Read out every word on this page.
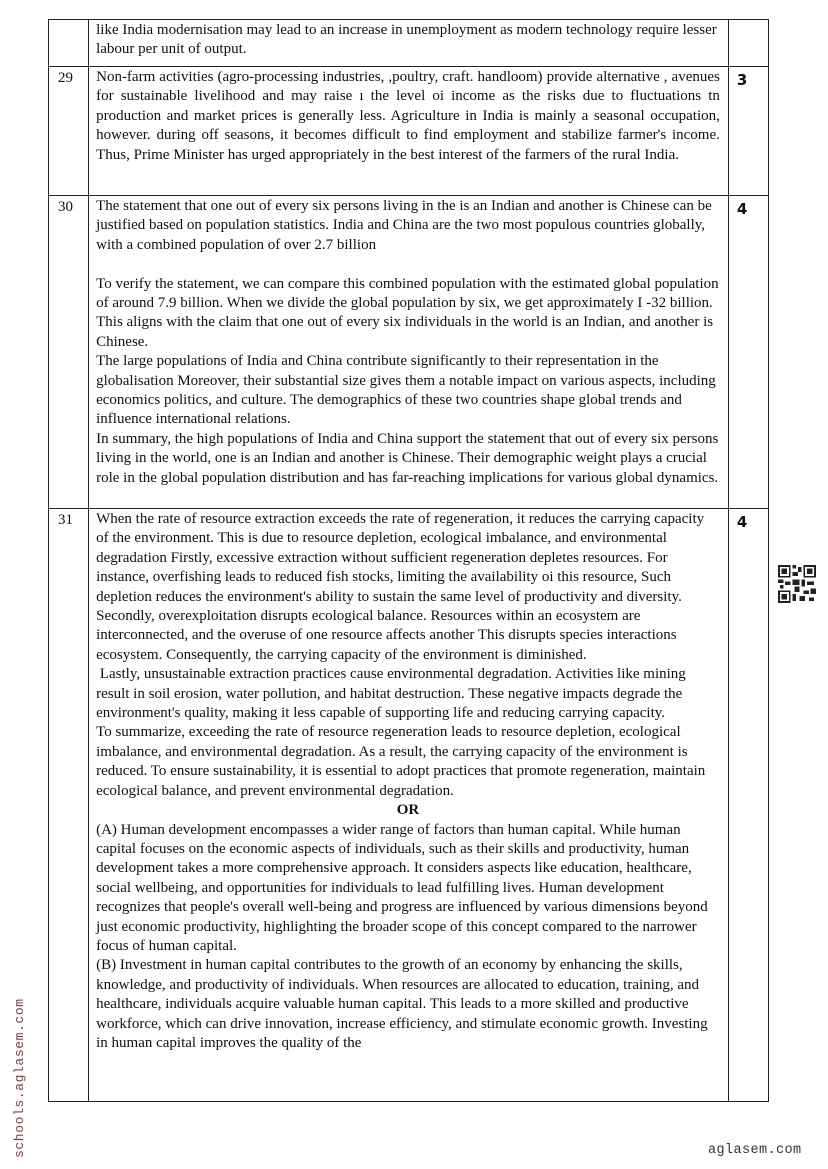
	like India modernisation may lead to an increase in unemployment as modern technology require lesser labour per unit of output.	

29	Non-farm activities (agro-processing industries, ,poultry, craft. handloom) provide alternative , avenues for sustainable livelihood and may raise ı the level oi income as the risks due to fluctuations tn production and market prices is generally less. Agriculture in India is mainly a seasonal occupation, however. during off seasons, it becomes difficult to find employment and stabilize farmer's income. Thus, Prime Minister has urged appropriately in the best interest of the farmers of the rural India.	3
30	The statement that one out of every six persons living in the is an Indian and another is Chinese can be justified based on population statistics. India and China are the two most populous countries globally, with a combined population of over 2.7 billion

To verify the statement, we can compare this combined population with the estimated global population of around 7.9 billion. When we divide the global population by six, we get approximately I -32 billion. This aligns with the claim that one out of every six individuals in the world is an Indian, and another is Chinese.

The large populations of India and China contribute significantly to their representation in the globalisation Moreover, their substantial size gives them a notable impact on various aspects, including economics politics, and culture. The demographics of these two countries shape global trends and influence international relations.

In summary, the high populations of India and China support the statement that out of every six persons living in the world, one is an Indian and another is Chinese. Their demographic weight plays a crucial role in the global population distribution and has far-reaching implications for various global dynamics.	4
31	When the rate of resource extraction exceeds the rate of regeneration, it reduces the carrying capacity of the environment. This is due to resource depletion, ecological imbalance, and environmental degradation Firstly, excessive extraction without sufficient regeneration depletes resources. For instance, overfishing leads to reduced fish stocks, limiting the availability oi this resource, Such depletion reduces the environment's ability to sustain the same level of productivity and diversity.

Secondly, overexploitation disrupts ecological balance. Resources within an ecosystem are interconnected, and the overuse of one resource affects another This disrupts species interactions ecosystem. Consequently, the carrying capacity of the environment is diminished.

Lastly, unsustainable extraction practices cause environmental degradation. Activities like mining result in soil erosion, water pollution, and habitat destruction. These negative impacts degrade the environment's quality, making it less capable of supporting life and reducing carrying capacity.

To summarize, exceeding the rate of resource regeneration leads to resource depletion, ecological imbalance, and environmental degradation. As a result, the carrying capacity of the environment is reduced. To ensure sustainability, it is essential to adopt practices that promote regeneration, maintain ecological balance, and prevent environmental degradation.

OR

(A) Human development encompasses a wider range of factors than human capital. While human capital focuses on the economic aspects of individuals, such as their skills and productivity, human development takes a more comprehensive approach. It considers aspects like education, healthcare, social wellbeing, and opportunities for individuals to lead fulfilling lives. Human development recognizes that people's overall well-being and progress are influenced by various dimensions beyond just economic productivity, highlighting the broader scope of this concept compared to the narrower focus of human capital.

(B) Investment in human capital contributes to the growth of an economy by enhancing the skills, knowledge, and productivity of individuals. When resources are allocated to education, training, and healthcare, individuals acquire valuable human capital. This leads to a more skilled and productive workforce, which can drive innovation, increase efficiency, and stimulate economic growth. Investing in human capital improves the quality of the

	4
schools.aglasem.com	aglasem.com
